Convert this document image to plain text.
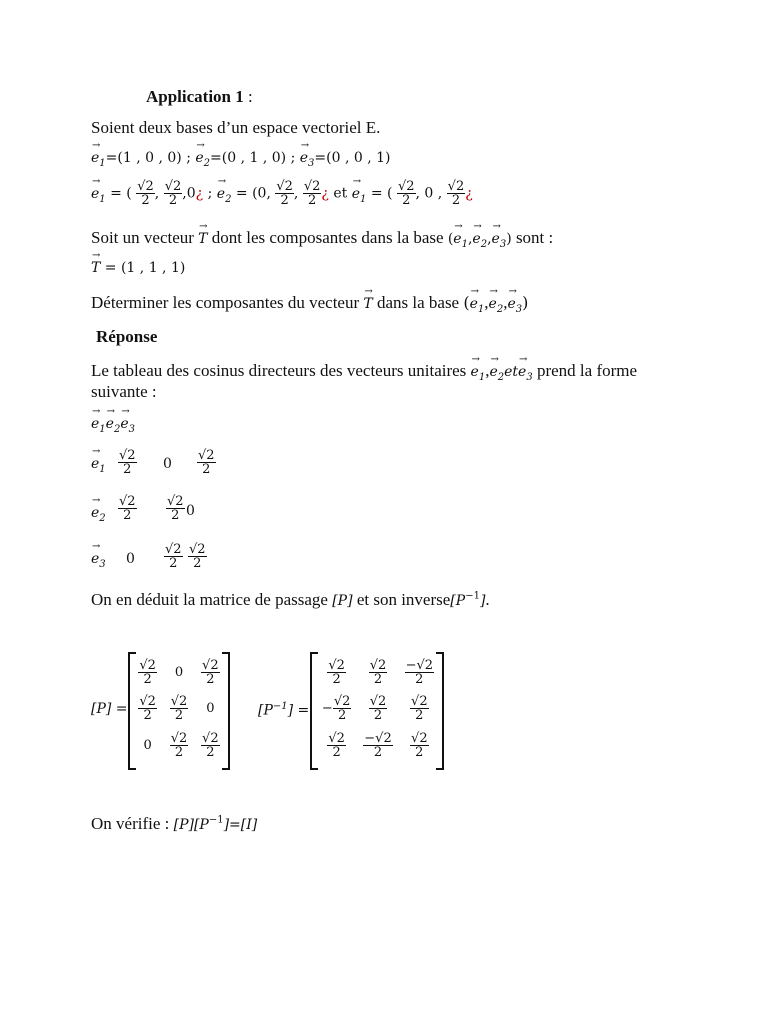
Application 1 :
Soient deux bases d’un espace vectoriel E.
→ $e_1=(1$ , 0 , 0) ; → $e_2=(0$ , 1 , 0) ; → $e_3=(0$ , 0 , 1)
→ $e_1$ = ( $\frac{√2}{2}$ , $\frac{√2}{2}$ ,0¿ ; → $e_2 = (0$, $\frac{√2}{2}$ , $\frac{√2}{2}$ ¿ et → $e_1$ = ( $\frac{√2}{2}$ , 0 , $\frac{√2}{2}$ ¿
Soit un vecteur → T dont les composantes dans la base (→ $e_1,\to e_2,\to e_3$) sont :
→ T = (1 , 1 , 1)
Déterminer les composantes du vecteur → T dans la base (→ $e_1,\to e_2,\to e_3$)
Réponse
Le tableau des cosinus directeurs des vecteurs unitaires → $e_1,\to e_2et\to e_3$ prend la forme
suivante :
→ $e_1\to e_2\to e_3$
→ $e_1 \frac{√2}{2} 0 \frac{√2}{2}$
→ $e_2 \frac{√2}{2} \frac{√2}{2} 0$
→ $e_3$ $0 \frac{√2}{2} \frac{√2}{2}$
On en déduit la matrice de passage [P] et son $inverse[P^{-1}]$.
[P] =
$\frac{√2}{2} 0 \frac{√2}{2}$
$\frac{√2}{2} \frac{√2}{2} 0$
$0 \frac{√2}{2} \frac{√2}{2}$
$[P^{-1}]$ =
$\frac{√2}{2} \frac{√2}{2} \frac{-√2}{2}$
− $\frac{√2}{2} \frac{√2}{2} \frac{√2}{2}$
$\frac{√2}{2} \frac{-√2}{2} \frac{√2}{2}$
On vérifie : $[P][P^{-1}]=[I]$
